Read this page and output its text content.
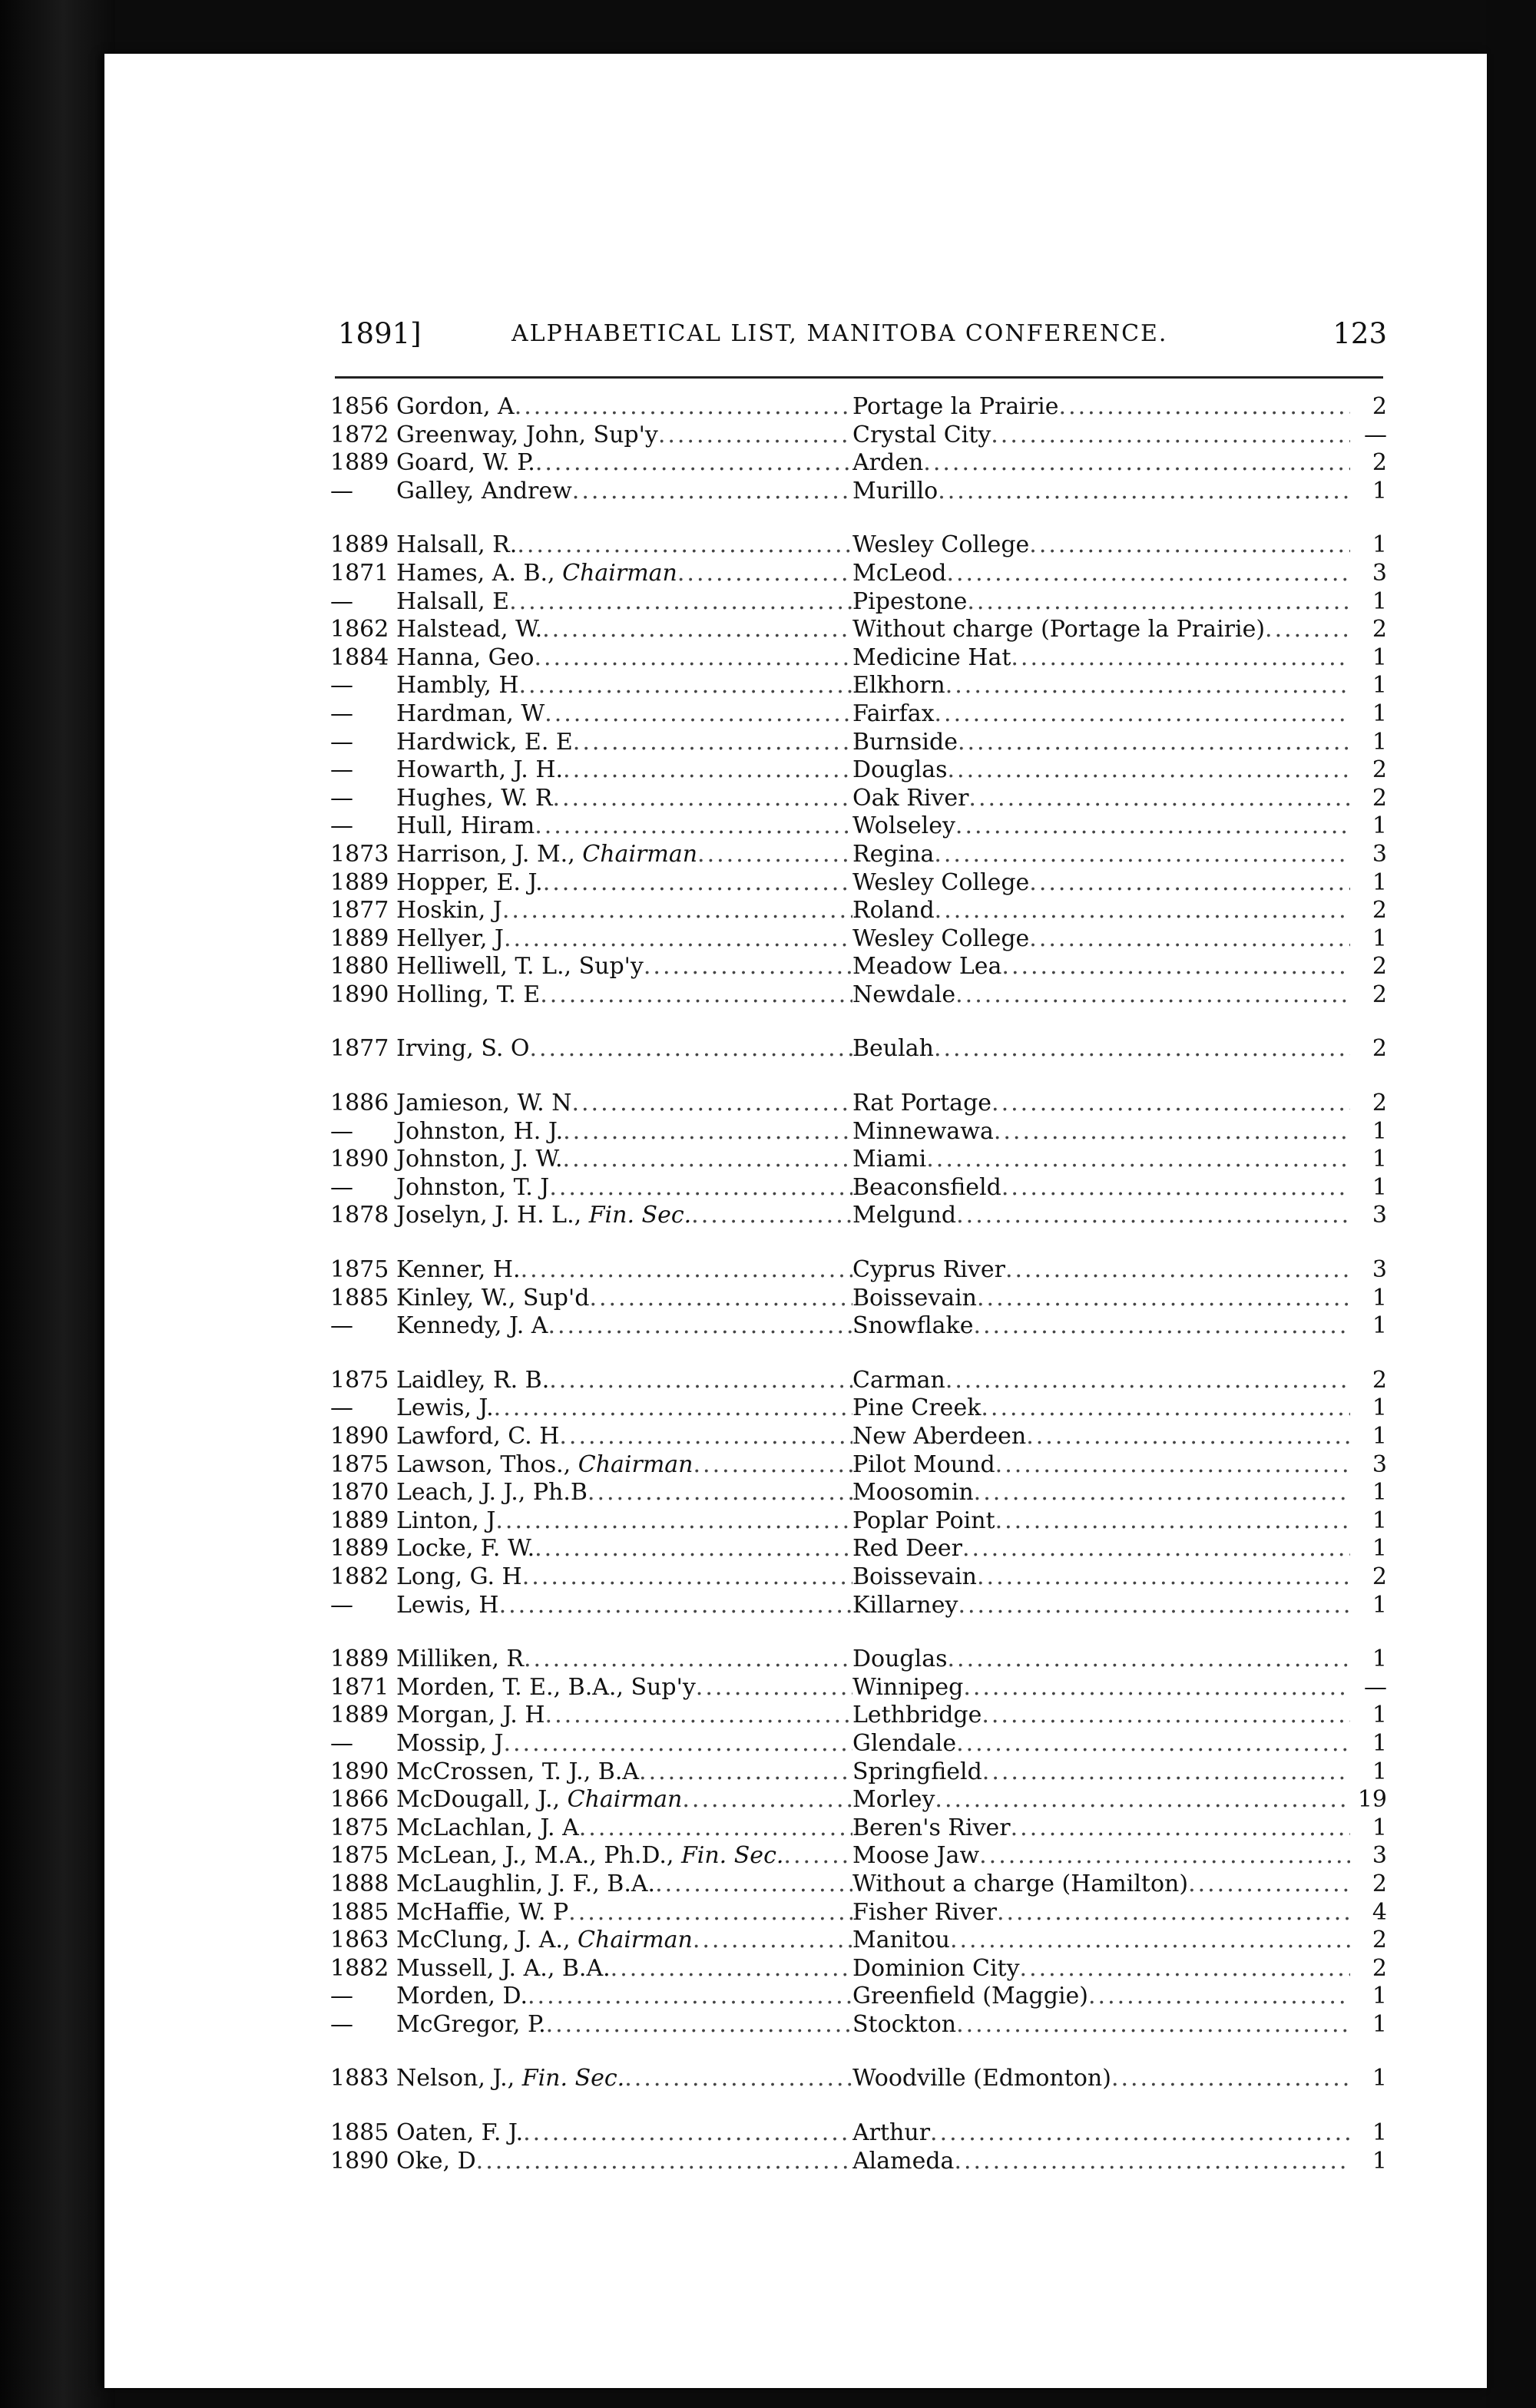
1891]	ALPHABETICAL LIST, MANITOBA CONFERENCE.	123
1856 Gordon, A .....	Portage la Prairie .....	2
1872 Greenway, John, Sup'y .....	Crystal City .....	—
1889 Goard, W. P. .....	Arden .....	2
—	Galley, Andrew .....	Murillo .....	1
1889 Halsall, R. .....	Wesley College .....	1
1871 Hames, A. B., Chairman .....	McLeod .....	3
—	Halsall, E .....	Pipestone .....	1
1862 Halstead, W. .....	Without charge (Portage la Prairie) .....	2
1884 Hanna, Geo .....	Medicine Hat .....	1
—	Hambly, H .....	Elkhorn .....	1
—	Hardman, W .....	Fairfax .....	1
—	Hardwick, E. E .....	Burnside .....	1
—	Howarth, J. H. .....	Douglas .....	2
—	Hughes, W. R .....	Oak River .....	2
—	Hull, Hiram .....	Wolseley .....	1
1873 Harrison, J. M., Chairman .....	Regina .....	3
1889 Hopper, E. J. .....	Wesley College .....	1
1877 Hoskin, J .....	Roland .....	2
1889 Hellyer, J .....	Wesley College .....	1
1880 Helliwell, T. L., Sup'y .....	Meadow Lea .....	2
1890 Holling, T. E .....	Newdale .....	2
1877 Irving, S. O .....	Beulah .....	2
1886 Jamieson, W. N .....	Rat Portage .....	2
—	Johnston, H. J. .....	Minnewawa .....	1
1890 Johnston, J. W. .....	Miami .....	1
—	Johnston, T. J .....	Beaconsfield .....	1
1878 Joselyn, J. H. L., Fin. Sec. .....	Melgund .....	3
1875 Kenner, H. .....	Cyprus River .....	3
1885 Kinley, W., Sup'd .....	Boissevain .....	1
—	Kennedy, J. A .....	Snowflake .....	1
1875 Laidley, R. B. .....	Carman .....	2
—	Lewis, J. .....	Pine Creek .....	1
1890 Lawford, C. H .....	New Aberdeen .....	1
1875 Lawson, Thos., Chairman .....	Pilot Mound .....	3
1870 Leach, J. J., Ph.B .....	Moosomin .....	1
1889 Linton, J .....	Poplar Point .....	1
1889 Locke, F. W. .....	Red Deer .....	1
1882 Long, G. H .....	Boissevain .....	2
—	Lewis, H .....	Killarney .....	1
1889 Milliken, R .....	Douglas .....	1
1871 Morden, T. E., B.A., Sup'y .....	Winnipeg .....	—
1889 Morgan, J. H .....	Lethbridge .....	1
—	Mossip, J .....	Glendale .....	1
1890 McCrossen, T. J., B.A .....	Springfield .....	1
1866 McDougall, J., Chairman .....	Morley .....	19
1875 McLachlan, J. A .....	Beren's River .....	1
1875 McLean, J., M.A., Ph.D., Fin. Sec. .....	Moose Jaw .....	3
1888 McLaughlin, J. F., B.A. .....	Without a charge (Hamilton) .....	2
1885 McHaffie, W. P .....	Fisher River .....	4
1863 McClung, J. A., Chairman .....	Manitou .....	2
1882 Mussell, J. A., B.A. .....	Dominion City .....	2
—	Morden, D. .....	Greenfield (Maggie) .....	1
—	McGregor, P. .....	Stockton .....	1
1883 Nelson, J., Fin. Sec. .....	Woodville (Edmonton) .....	1
1885 Oaten, F. J. .....	Arthur .....	1
1890 Oke, D .....	Alameda .....	1
